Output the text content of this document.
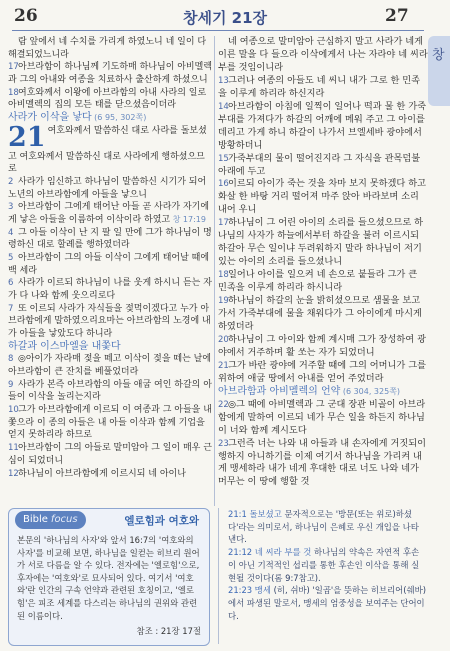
26	창세기 21장	27
창
람 앞에서 네 수치를 가리게 하였노니 네 일이 다 해결되었느니라
17아브라함이 하나님께 기도하매 하나님이 아비멜렉과 그의 아내와 여종을 치료하사 출산하게 하셨으니
18여호와께서 이왕에 아브라함의 아내 사라의 일로 아비멜렉의 집의 모든 태를 닫으셨음이더라
사라가 이삭을 낳다 (6 95, 302쪽)
21 여호와께서 말씀하신 대로 사라를 돌보셨고 여호와께서 말씀하신 대로 사라에게 행하셨으므로
2 사라가 임신하고 하나님이 말씀하신 시기가 되어 노년의 아브라함에게 아들을 낳으니
3 아브라함이 그에게 태어난 아들 곧 사라가 자기에게 낳은 아들을 이름하여 이삭이라 하였고 창 17:19
4 그 아들 이삭이 난 지 팔 일 만에 그가 하나님이 명령하신 대로 할례를 행하였더라
5 아브라함이 그의 아들 이삭이 그에게 태어날 때에 백 세라
6 사라가 이르되 하나님이 나를 웃게 하시니 듣는 자가 다 나와 함께 웃으리로다
7 또 이르되 사라가 자식들을 젖먹이겠다고 누가 아브라함에게 말하였으리요마는 아브라함의 노경에 내가 아들을 낳았도다 하니라
하갈과 이스마엘을 내쫓다
8 ◎아이가 자라매 젖을 떼고 이삭이 젖을 떼는 날에 아브라함이 큰 잔치를 베풀었더라
9 사라가 본즉 아브라함의 아들 애굽 여인 하갈의 아들이 이삭을 놀리는지라
10그가 아브라함에게 이르되 이 여종과 그 아들을 내쫓으라 이 종의 아들은 내 아들 이삭과 함께 기업을 얻지 못하리라 하므로
11아브라함이 그의 아들로 말미암아 그 일이 매우 근심이 되었더니
12하나님이 아브라함에게 이르시되 네 아이나
네 여종으로 말미암아 근심하지 말고 사라가 네게 이른 말을 다 들으라 이삭에게서 나는 자라야 네 씨라 부를 것임이니라
13그러나 여종의 아들도 네 씨니 내가 그로 한 민족을 이루게 하리라 하신지라
14아브라함이 아침에 일찍이 일어나 떡과 물 한 가죽부대를 가져다가 하갈의 어깨에 메워 주고 그 아이를 데리고 가게 하니 하갈이 나가서 브엘세바 광야에서 방황하더니
15가죽부대의 물이 떨어진지라 그 자식을 관목덤불 아래에 두고
16이르되 아이가 죽는 것을 차마 보지 못하겠다 하고 화살 한 바탕 거리 떨어져 마주 앉아 바라보며 소리 내어 우니
17하나님이 그 어린 아이의 소리를 들으셨으므로 하나님의 사자가 하늘에서부터 하갈을 불러 이르시되 하갈아 무슨 일이냐 두려워하지 말라 하나님이 저기 있는 아이의 소리를 들으셨나니
18일어나 아이를 일으켜 네 손으로 붙들라 그가 큰 민족을 이루게 하리라 하시니라
19하나님이 하갈의 눈을 밝히셨으므로 샘물을 보고 가서 가죽부대에 물을 채워다가 그 아이에게 마시게 하였더라
20하나님이 그 아이와 함께 계시매 그가 장성하여 광야에서 거주하며 활 쏘는 자가 되었더니
21그가 바란 광야에 거주할 때에 그의 어머니가 그를 위하여 애굽 땅에서 아내를 얻어 주었더라
아브라함과 아비멜렉의 언약 (6 304, 325쪽)
22◎그 때에 아비멜렉과 그 군대 장관 비골이 아브라함에게 말하여 이르되 네가 무슨 일을 하든지 하나님이 너와 함께 계시도다
23그런즉 너는 나와 내 아들과 내 손자에게 거짓되이 행하지 아니하기를 이제 여기서 하나님을 가리켜 내게 맹세하라 내가 네게 후대한 대로 너도 나와 네가 머무는 이 땅에 행할 것
Bible focus	엘로힘과 여호와
본문의 '하나님의 사자'와 앞서 16:7의 '여호와의 사자'를 비교해 보면, 하나님을 일컫는 히브리 원어가 서로 다름을 알 수 있다. 전자에는 '엘로힘'으로, 후자에는 '여호와'로 묘사되어 있다. 여기서 '여호와'란 인간의 구속 언약과 관련된 호칭이고, '엘로힘'은 피조 세계를 다스리는 하나님의 권위와 관련된 이름이다.
참조 : 21장 17절
21:1 돌보셨고 문자적으로는 '방문(또는 위로)하셨다'라는 의미로서, 하나님이 은혜로 우신 개입을 나타낸다.
21:12 네 씨라 부를 것 하나님의 약속은 자연적 후손이 아닌 기적적인 섭리를 통한 후손인 이삭을 통해 실현될 것이다(롬 9:7참고).
21:23 맹세 (히, 쉬바) '일곱'을 뜻하는 히브리어(쉐바)에서 파생된 말로서, 맹세의 엄중성을 보여주는 단어이다.
